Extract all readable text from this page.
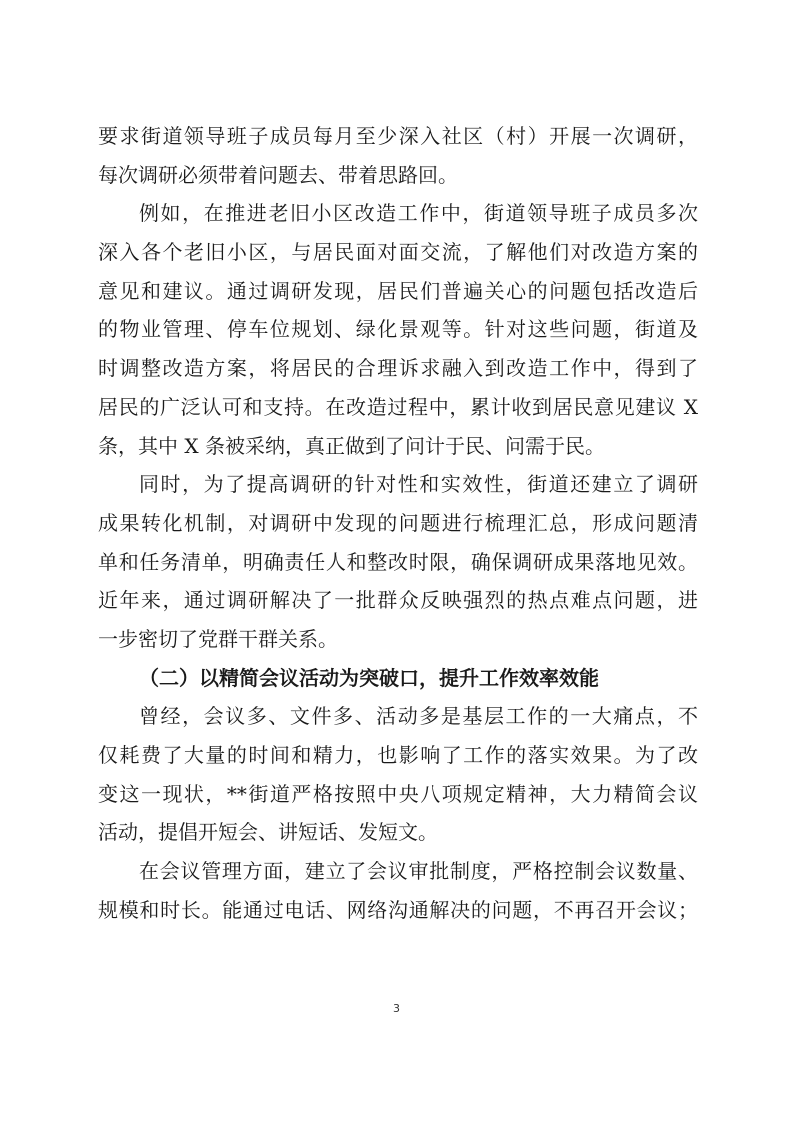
要求街道领导班子成员每月至少深入社区（村）开展一次调研，
每次调研必须带着问题去、带着思路回。
例如，在推进老旧小区改造工作中，街道领导班子成员多次
深入各个老旧小区，与居民面对面交流，了解他们对改造方案的
意见和建议。通过调研发现，居民们普遍关心的问题包括改造后
的物业管理、停车位规划、绿化景观等。针对这些问题，街道及
时调整改造方案，将居民的合理诉求融入到改造工作中，得到了
居民的广泛认可和支持。在改造过程中，累计收到居民意见建议 X
条，其中 X 条被采纳，真正做到了问计于民、问需于民。
同时，为了提高调研的针对性和实效性，街道还建立了调研
成果转化机制，对调研中发现的问题进行梳理汇总，形成问题清
单和任务清单，明确责任人和整改时限，确保调研成果落地见效。
近年来，通过调研解决了一批群众反映强烈的热点难点问题，进
一步密切了党群干群关系。
（二）以精简会议活动为突破口，提升工作效率效能
曾经，会议多、文件多、活动多是基层工作的一大痛点，不
仅耗费了大量的时间和精力，也影响了工作的落实效果。为了改
变这一现状，**街道严格按照中央八项规定精神，大力精简会议
活动，提倡开短会、讲短话、发短文。
在会议管理方面，建立了会议审批制度，严格控制会议数量、
规模和时长。能通过电话、网络沟通解决的问题，不再召开会议；
3
